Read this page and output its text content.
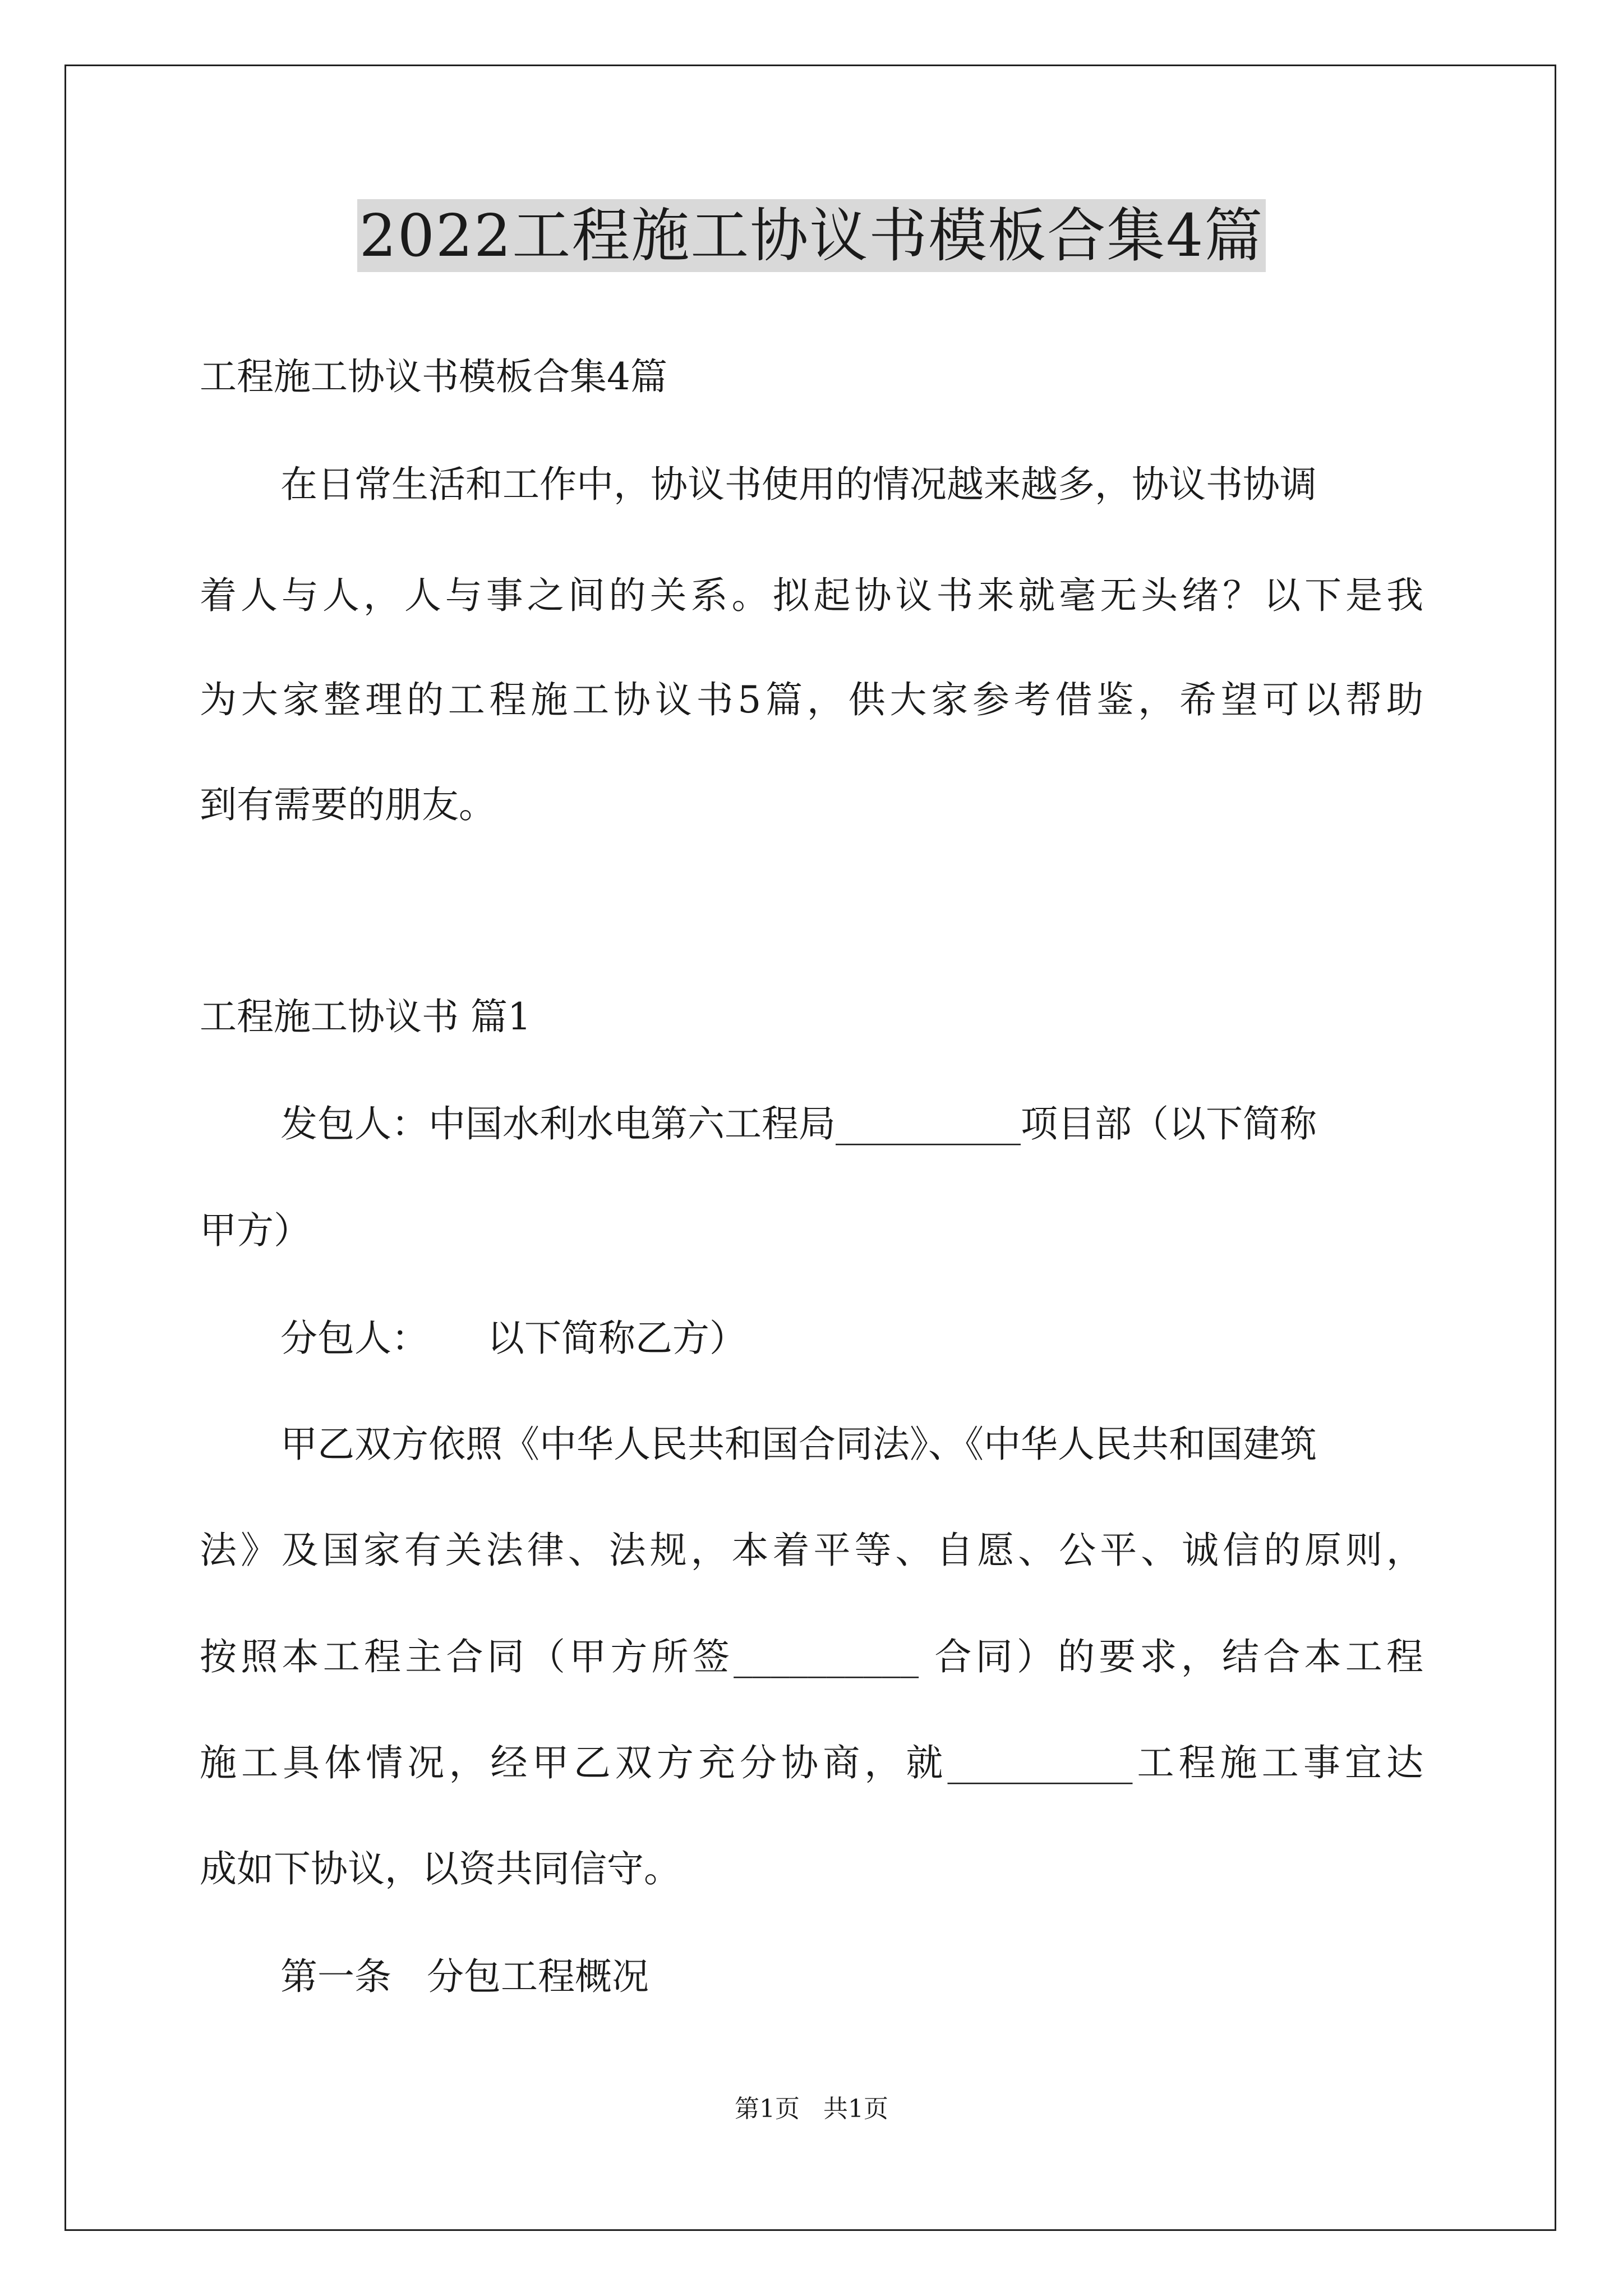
2022工程施工协议书模板合集4篇
工程施工协议书模板合集4篇
在日常生活和工作中，协议书使用的情况越来越多，协议书协调
着人与人，人与事之间的关系。拟起协议书来就毫无头绪？以下是我
为大家整理的工程施工协议书5篇，供大家参考借鉴，希望可以帮助
到有需要的朋友。
工程施工协议书 篇1
发包人：中国水利水电第六工程局__________项目部（以下简称
甲方）
分包人：     以下简称乙方）
甲乙双方依照《中华人民共和国合同法》、《中华人民共和国建筑
法》及国家有关法律、法规，本着平等、自愿、公平、诚信的原则，
按照本工程主合同（甲方所签__________ 合同）的要求，结合本工程
施工具体情况，经甲乙双方充分协商，就__________工程施工事宜达
成如下协议，以资共同信守。
第一条   分包工程概况
第1页   共1页
